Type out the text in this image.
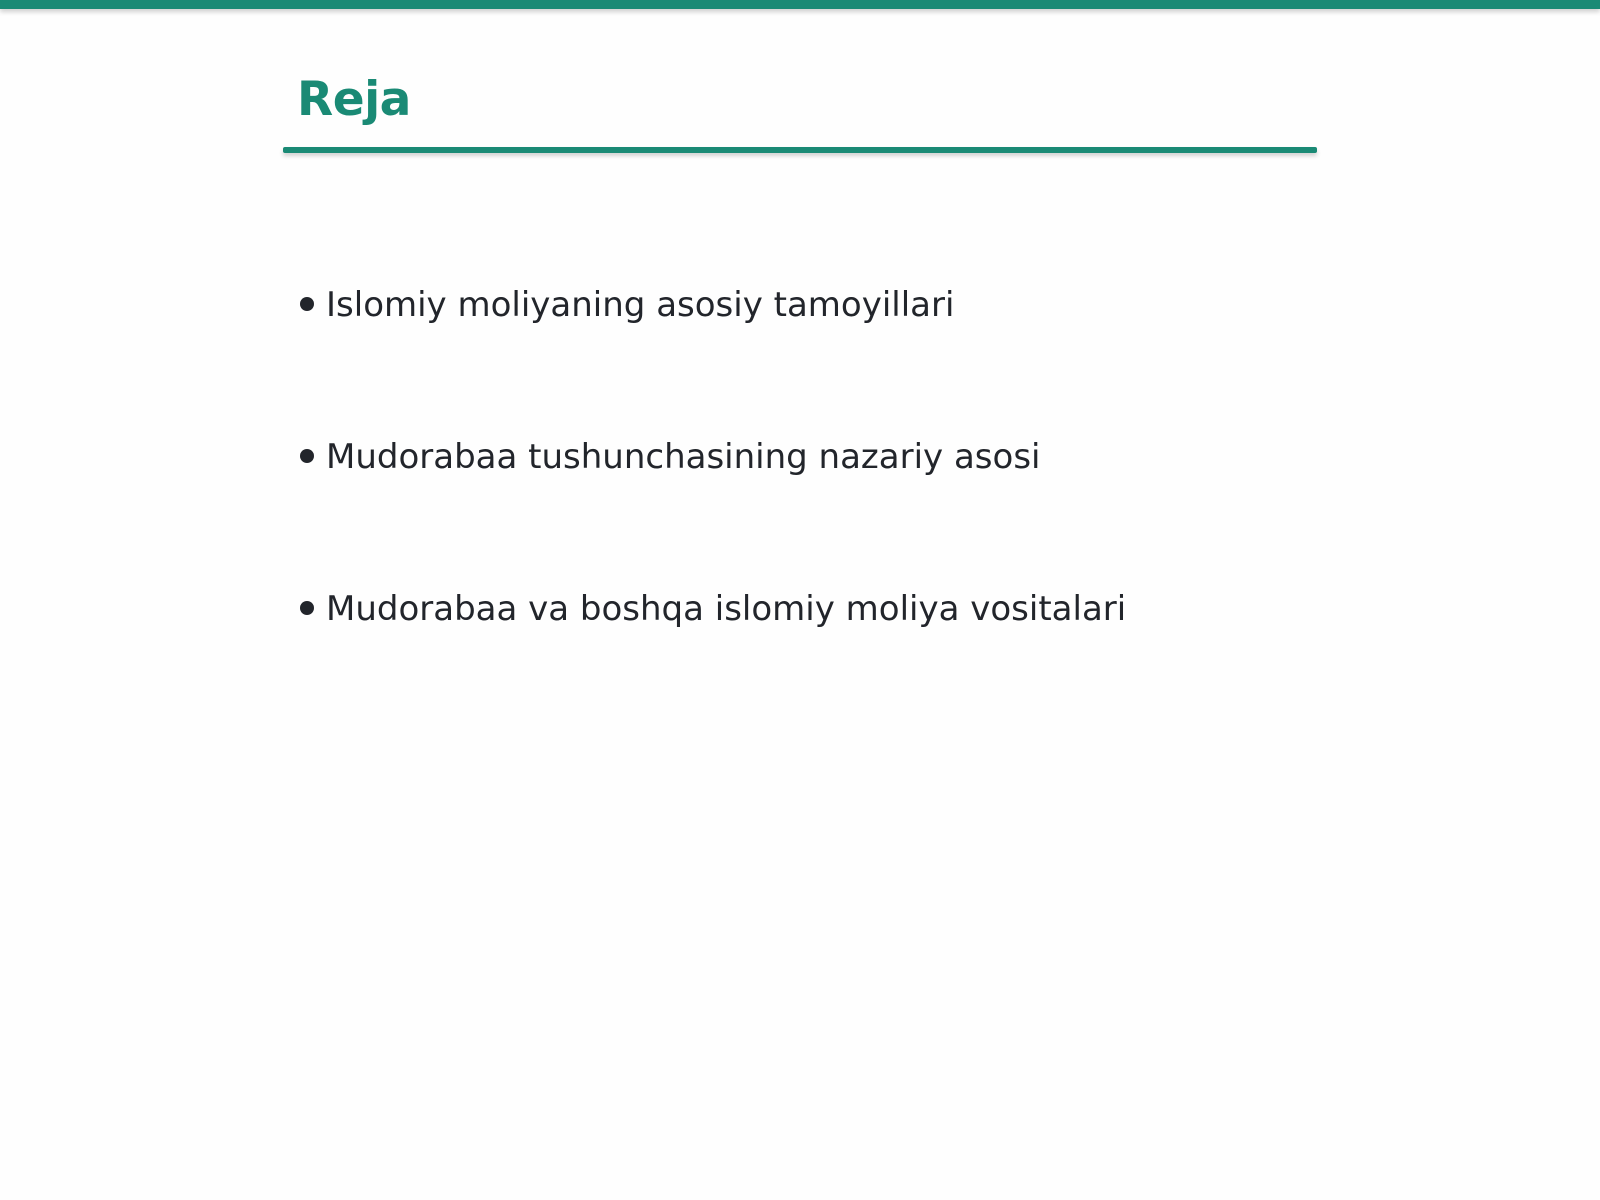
Reja
Islomiy moliyaning asosiy tamoyillari
Mudorabaa tushunchasining nazariy asosi
Mudorabaa va boshqa islomiy moliya vositalari
